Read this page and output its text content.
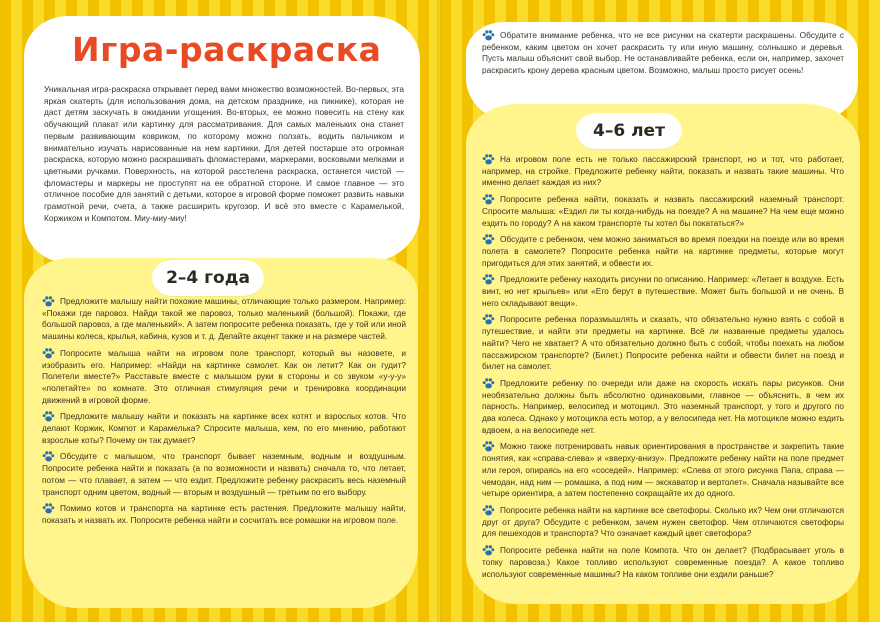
Игра-раскраска
Уникальная игра-раскраска открывает перед вами множество возможностей. Во-первых, эта яркая скатерть (для использования дома, на детском празднике, на пикнике), которая не даст детям заскучать в ожидании угощения. Во-вторых, ее можно повесить на стену как обучающий плакат или картинку для рассматривания. Для самых маленьких она станет первым развивающим ковриком, по которому можно ползать, водить пальчиком и внимательно изучать нарисованные на нем картинки. Для детей постарше это огромная раскраска, которую можно раскрашивать фломастерами, маркерами, восковыми мелками и цветными ручками. Поверхность, на которой расстелена раскраска, останется чистой — фломастеры и маркеры не проступят на ее обратной стороне. И самое главное — это отличное пособие для занятий с детьми, которое в игровой форме поможет развить навыки грамотной речи, счета, а также расширить кругозор. И всё это вместе с Карамелькой, Коржиком и Компотом. Миу-миу-миу!
2–4 года
Предложите малышу найти похожие машины, отличающие только размером. Например: «Покажи где паровоз. Найди такой же паровоз, только маленький (большой). Покажи, где большой паровоз, а где маленький». А затем попросите ребенка показать, где у той или иной машины колеса, крылья, кабина, кузов и т. д. Делайте акцент также и на размере частей.
Попросите малыша найти на игровом поле транспорт, который вы назовете, и изобразить его. Например: «Найди на картинке самолет. Как он летит? Как он гудит? Полетели вместе?» Расставьте вместе с малышом руки в стороны и со звуком «у-у-у» «полетайте» по комнате. Это отличная стимуляция речи и тренировка координации движений в игровой форме.
Предложите малышу найти и показать на картинке всех котят и взрослых котов. Что делают Коржик, Компот и Карамелька? Спросите малыша, кем, по его мнению, работают взрослые коты? Почему он так думает?
Обсудите с малышом, что транспорт бывает наземным, водным и воздушным. Попросите ребенка найти и показать (а по возможности и назвать) сначала то, что летает, потом — что плавает, а затем — что ездит. Предложите ребенку раскрасить весь наземный транспорт одним цветом, водный — вторым и воздушный — третьим по его выбору.
Помимо котов и транспорта на картинке есть растения. Предложите малышу найти, показать и назвать их. Попросите ребенка найти и сосчитать все ромашки на игровом поле.
Обратите внимание ребенка, что не все рисунки на скатерти раскрашены. Обсудите с ребенком, каким цветом он хочет раскрасить ту или иную машину, солнышко и деревья. Пусть малыш объяснит свой выбор. Не останавливайте ребенка, если он, например, захочет раскрасить крону дерева красным цветом. Возможно, малыш просто рисует осень!
4–6 лет
На игровом поле есть не только пассажирский транспорт, но и тот, что работает, например, на стройке. Предложите ребенку найти, показать и назвать такие машины. Что именно делает каждая из них?
Попросите ребенка найти, показать и назвать пассажирский наземный транспорт. Спросите малыша: «Ездил ли ты когда-нибудь на поезде? А на машине? На чем еще можно ездить по городу? А на каком транспорте ты хотел бы покататься?»
Обсудите с ребенком, чем можно заниматься во время поездки на поезде или во время полета в самолете? Попросите ребенка найти на картинке предметы, которые могут пригодиться для этих занятий, и обвести их.
Предложите ребенку находить рисунки по описанию. Например: «Летает в воздухе. Есть винт, но нет крыльев» или «Его берут в путешествие. Может быть большой и не очень. В него складывают вещи».
Попросите ребенка поразмышлять и сказать, что обязательно нужно взять с собой в путешествие, и найти эти предметы на картинке. Всё ли названные предметы удалось найти? Чего не хватает? А что обязательно должно быть с собой, чтобы поехать на любом пассажирском транспорте? (Билет.) Попросите ребенка найти и обвести билет на поезд и билет на самолет.
Предложите ребенку по очереди или даже на скорость искать пары рисунков. Они необязательно должны быть абсолютно одинаковыми, главное — объяснить, в чем их парность. Например, велосипед и мотоцикл. Это наземный транспорт, у того и другого по два колеса. Однако у мотоцикла есть мотор, а у велосипеда нет. На мотоцикле можно ездить вдвоем, а на велосипеде нет.
Можно также потренировать навык ориентирования в пространстве и закрепить такие понятия, как «справа-слева» и «вверху-внизу». Предложите ребенку найти на поле предмет или героя, опираясь на его «соседей». Например: «Слева от этого рисунка Папа, справа — чемодан, над ним — ромашка, а под ним — экскаватор и вертолет». Сначала называйте все четыре ориентира, а затем постепенно сокращайте их до одного.
Попросите ребенка найти на картинке все светофоры. Сколько их? Чем они отличаются друг от друга? Обсудите с ребенком, зачем нужен светофор. Чем отличаются светофоры для пешеходов и транспорта? Что означает каждый цвет светофора?
Попросите ребенка найти на поле Компота. Что он делает? (Подбрасывает уголь в топку паровоза.) Какое топливо используют современные поезда? А какое топливо используют современные машины? На каком топливе они ездили раньше?
